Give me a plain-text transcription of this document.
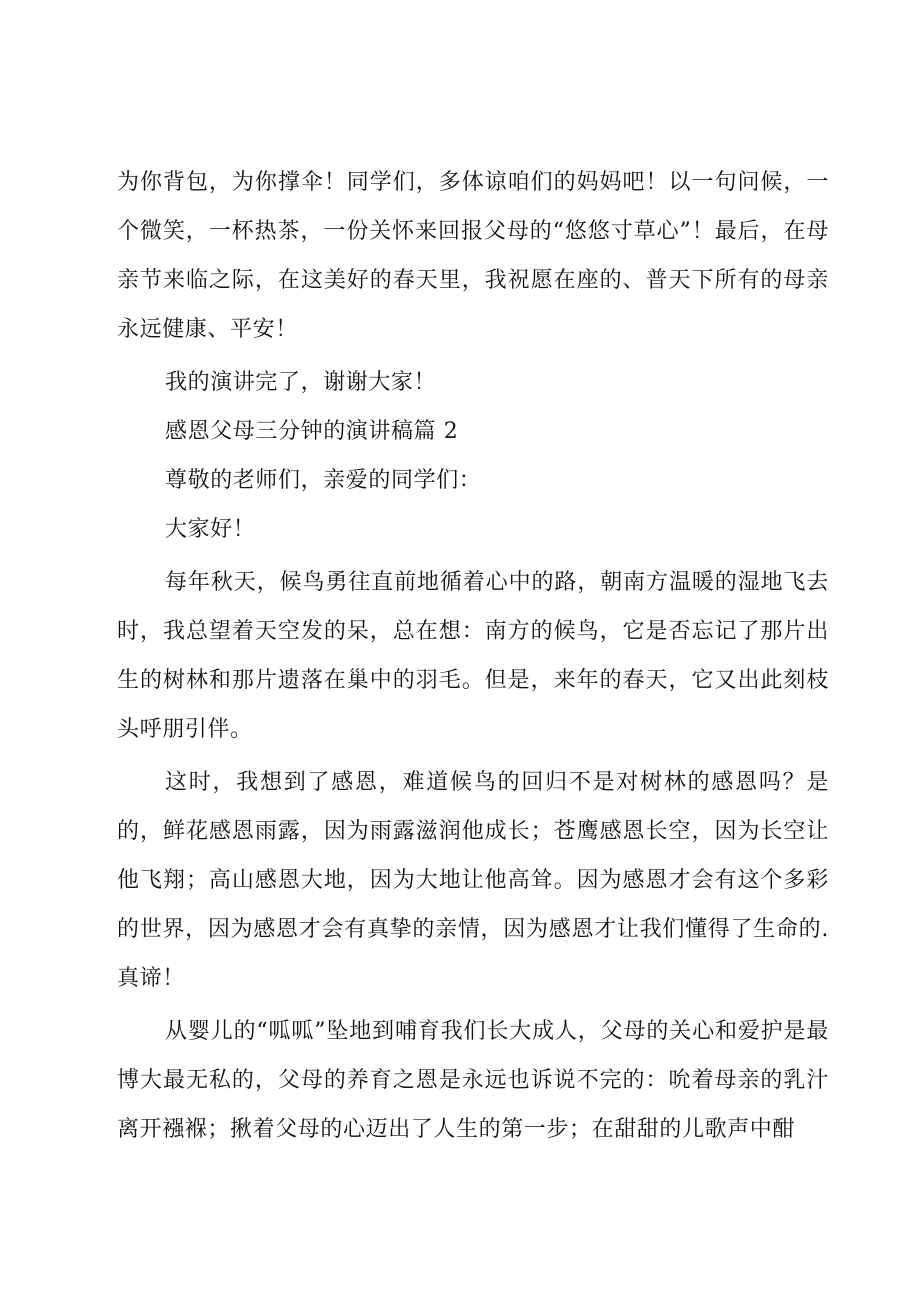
为你背包，为你撑伞！同学们，多体谅咱们的妈妈吧！以一句问候，一个微笑，一杯热茶，一份关怀来回报父母的“悠悠寸草心”！最后，在母亲节来临之际，在这美好的春天里，我祝愿在座的、普天下所有的母亲永远健康、平安！

我的演讲完了，谢谢大家！

感恩父母三分钟的演讲稿篇 2

尊敬的老师们，亲爱的同学们：

大家好！

每年秋天，候鸟勇往直前地循着心中的路，朝南方温暖的湿地飞去时，我总望着天空发的呆，总在想：南方的候鸟，它是否忘记了那片出生的树林和那片遗落在巢中的羽毛。但是，来年的春天，它又出此刻枝头呼朋引伴。

这时，我想到了感恩，难道候鸟的回归不是对树林的感恩吗？是的，鲜花感恩雨露，因为雨露滋润他成长；苍鹰感恩长空，因为长空让他飞翔；高山感恩大地，因为大地让他高耸。因为感恩才会有这个多彩的世界，因为感恩才会有真挚的亲情，因为感恩才让我们懂得了生命的. 真谛！

从婴儿的“呱呱”坠地到哺育我们长大成人，父母的关心和爱护是最博大最无私的，父母的养育之恩是永远也诉说不完的：吮着母亲的乳汁离开襁褓；揪着父母的心迈出了人生的第一步；在甜甜的儿歌声中酣
